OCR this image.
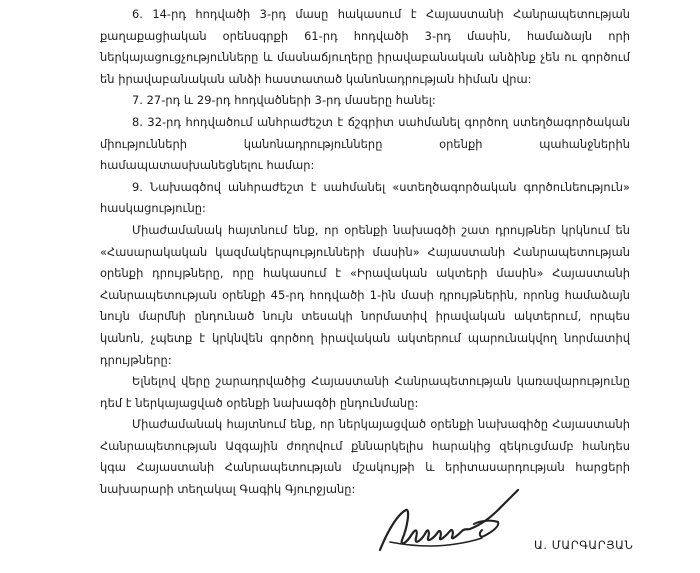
6. 14-րդ հոդվածի 3-րդ մասը հակասում է Հայաստանի Հանրապետության քաղաքացիական օրենսգրքի 61-րդ հոդվածի 3-րդ մասին, համաձայն որի ներկայացուցչությունները և մասնաճյուղերը իրավաբանական անձինք չեն ու գործում են իրավաբանական անձի հաստատած կանոնադրության հիման վրա:

7. 27-րդ և 29-րդ հոդվածների 3-րդ մասերը հանել:

8. 32-րդ հոդվածում անհրաժեշտ է ճշգրիտ սահմանել գործող ստեղծագործական միությունների կանոնադրությունները օրենքի պահանջներին համապատասխանեցնելու համար:

9. Նախագծով անհրաժեշտ է սահմանել «ստեղծագործական գործունեություն» հասկացությունը:

Միաժամանակ հայտնում ենք, որ օրենքի նախագծի շատ դրույթներ կրկնում են «Հասարակական կազմակերպությունների մասին» Հայաստանի Հանրապետության օրենքի դրույթները, որը հակասում է «Իրավական ակտերի մասին» Հայաստանի Հանրապետության օրենքի 45-րդ հոդվածի 1-ին մասի դրույթներին, որոնց համաձայն նույն մարմնի ընդունած նույն տեսակի նորմատիվ իրավական ակտերում, որպես կանոն, չպետք է կրկնվեն գործող իրավական ակտերում պարունակվող նորմատիվ դրույթները:

Ելնելով վերը շարադրվածից Հայաստանի Հանրապետության կառավարությունը դեմ է ներկայացված օրենքի նախագծի ընդունմանը:

Միաժամանակ հայտնում ենք, որ ներկայացված օրենքի նախագիծը Հայաստանի Հանրապետության Ազգային ժողովում քննարկելիս հարակից զեկուցմամբ հանդես կգա Հայաստանի Հանրապետության մշակույթի և երիտասարդության հարցերի նախարարի տեղակալ Գագիկ Գյուրջյանը:

Ա. ՄԱՐԳԱՐՅԱՆ
